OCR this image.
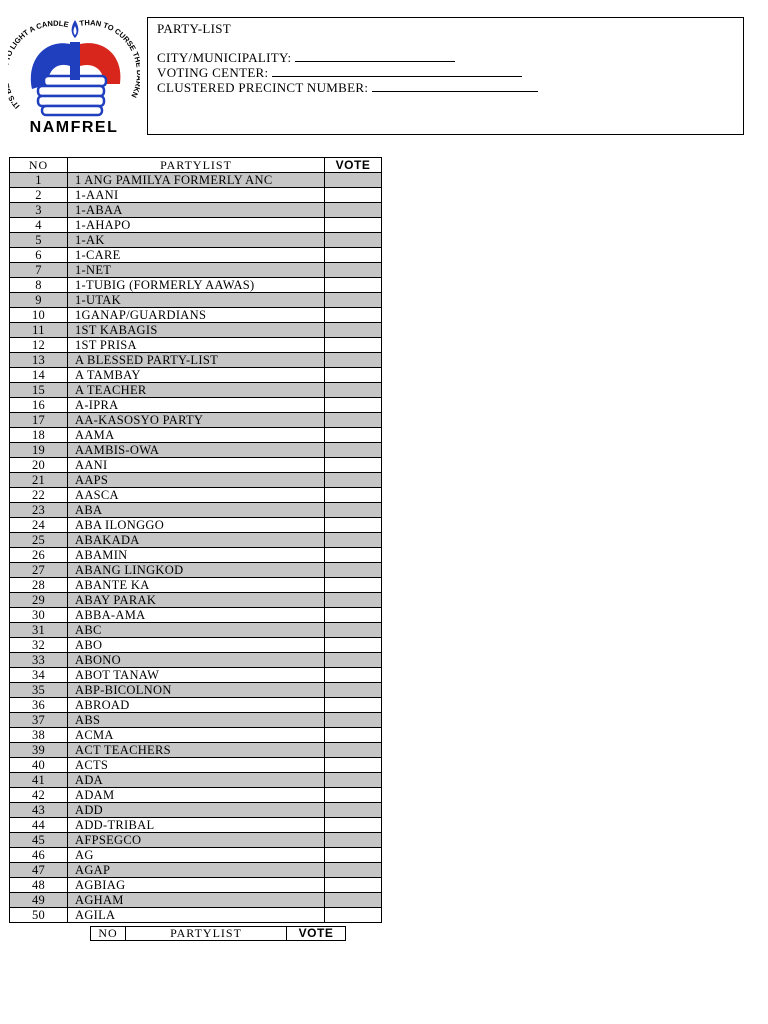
IT' LIGHT A CANDLE	THAN TO CURSE T N
NAMFREL
PARTY-LIST
CITY/MUNICIPALITY:
VOTING CENTER:
CLUSTERED PRECINCT NUMBER:
NO	PARTYLIST	VOTE
1	1 ANG PAMILYA FORMERLY ANC	
2	1-AANI	
3	1-ABAA	
4	1-AHAPO	
5	1-AK	
6	1-CARE	
7	1-NET	
8	1-TUBIG (FORMERLY AAWAS)	
9	1-UTAK	
10	1GANAP/GUARDIANS	
11	1ST KABAGIS	
12	1ST PRISA	
13	A BLESSED PARTY-LIST	
14	A TAMBAY	
15	A TEACHER	
16	A-IPRA	
17	AA-KASOSYO PARTY	
18	AAMA	
19	AAMBIS-OWA	
20	AANI	
21	AAPS	
22	AASCA	
23	ABA	
24	ABA ILONGGO	
25	ABAKADA	
26	ABAMIN	
27	ABANG LINGKOD	
28	ABANTE KA	
29	ABAY PARAK	
30	ABBA-AMA	
31	ABC	
32	ABO	
33	ABONO	
34	ABOT TANAW	
35	ABP-BICOLNON	
36	ABROAD	
37	ABS	
38	ACMA	
39	ACT TEACHERS	
40	ACTS	
41	ADA	
42	ADAM	
43	ADD	
44	ADD-TRIBAL	
45	AFPSEGCO	
46	AG	
47	AGAP	
48	AGBIAG	
49	AGHAM	
50	AGILA	
NO	PARTYLIST	VOTE
